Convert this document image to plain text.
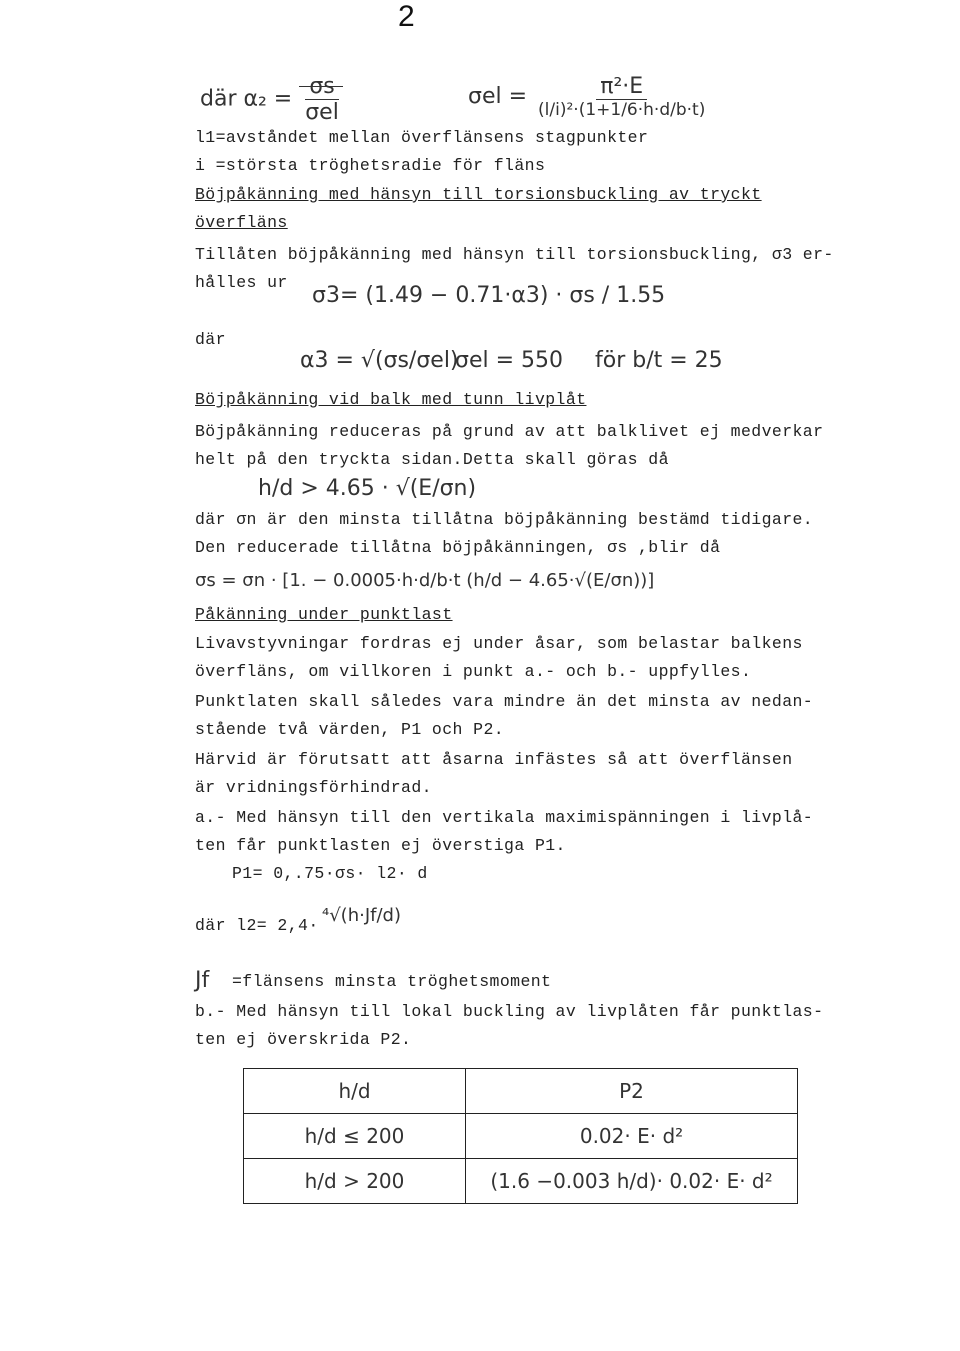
2
där $\alpha_2 = \frac{\sigma s}{\text{σel}}$	$\sigma el = \frac{\text{π²·E}}{\text{(l/i)²·(1+1/6·h·d/b·t)}}$
l1=avståndet mellan överflänsens stagpunkter
i =största tröghetsradie för fläns
Böjpåkänning med hänsyn till torsionsbuckling av tryckt
överfläns
Tillåten böjpåkänning med hänsyn till torsionsbuckling, σ3 er-
hålles ur
σ3= (1.49 − 0.71·α3) · σs / 1.55
där
α3 = √(σs/σel)
σel = 550 för b/t = 25
Böjpåkänning vid balk med tunn livplåt
Böjpåkänning reduceras på grund av att balklivet ej medverkar
helt på den tryckta sidan.Detta skall göras då
h/d > 4.65 · √(E/σn)
där σn är den minsta tillåtna böjpåkänning bestämd tidigare.
Den reducerade tillåtna böjpåkänningen, σs ,blir då
σs = σn · [1. − 0.0005·h·d/b·t (h/d − 4.65·√(E/σn))]
Påkänning under punktlast
Livavstyvningar fordras ej under åsar, som belastar balkens
överfläns, om villkoren i punkt a.- och b.- uppfylles.
Punktlaten skall således vara mindre än det minsta av nedan-
stående två värden, P1 och P2.
Härvid är förutsatt att åsarna infästes så att överflänsen
är vridningsförhindrad.
a.- Med hänsyn till den vertikala maximispänningen i livplå-
ten får punktlasten ej överstiga P1.
P1= 0,.75·σs· l2· d
där l2= 2,4· ⁴√(h·Jf/d)
Jf =flänsens minsta tröghetsmoment
b.- Med hänsyn till lokal buckling av livplåten får punktlas-
ten ej överskrida P2.
h/d	P2
h/d ≤ 200	0.02· E· d²
h/d > 200	(1.6 −0.003 h/d)· 0.02· E· d²
